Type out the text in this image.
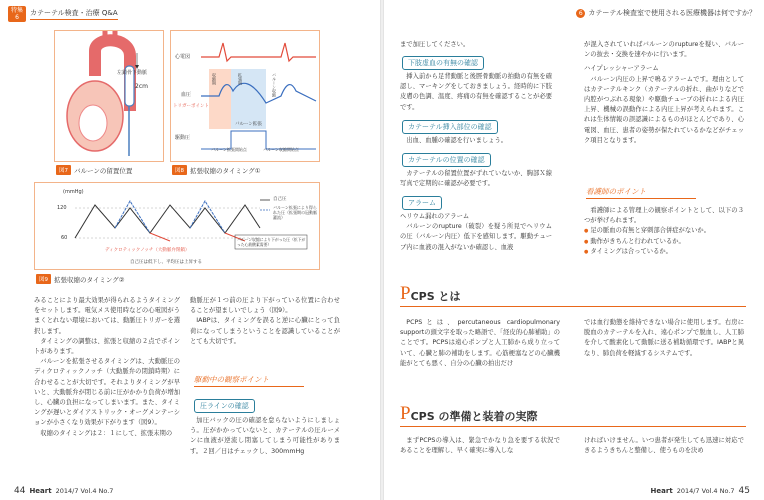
特集
6
カテーテル検査・治療 Q&A
左鎖骨下動脈
2cm
図7 バルーンの留置位置
心電図
血圧
トリガーポイント
駆動圧
バルーン拡張
バルーン拡張開始点	バルーン収縮開始点
収縮期	拡張期	バルーン収縮
図8 拡張収縮のタイミング①
(mmHg)
120
60
自己圧
バルーン拡張により得られた圧（拡張期の冠動脈灌流）
ディクロティックノッチ（大動脈弁閉鎖）
バルーン収縮により下がった圧（拡下がった心筋酸素需要）
自己圧は低下し、平均圧は上昇する
図9 拡張収縮のタイミング②

みることにより最大効果が得られるようタイミングをセットします。電気メス使用時などの心電図がうまくとれない環境においては、動脈圧トリガーを選択します。

タイミングの調整は、拡張と収縮の２点でポイントがあります。

バルーンを拡張させるタイミングは、大動脈圧のディクロティックノッチ（大動脈弁の閉鎖時期）に合わせることが大切です。それよりタイミングが早いと、大動脈弁が閉じる前に圧がかかり負荷が増加し、心臓の負担になってしまいます。また、タイミングが遅いとダイアストリック・オーグメンテーションが小さくなり効果が下がります（図9）。

収縮のタイミングは２：１にして、拡張末期の

動脈圧が１つ前の圧より下がっている位置に合わせることが望ましいでしょう（図9）。

IABPは、タイミングを誤ると逆に心臓にとって負荷になってしまうということを認識していることがとても大切です。

駆動中の観察ポイント
圧ラインの確認

加圧バックの圧の確認を怠らないようにしましょう。圧がかかっていないと、カテーテルの圧ルーメンに血液が逆流し閉塞してしまう可能性があります。２回／日はチェックし、300mmHg

44 Heart 2014/7 Vol.4 No.7
6 カテーテル検査室で使用される医療機器は何ですか？

まで加圧してください。

下肢虚血の有無の確認

挿入前から足背動脈と後脛骨動脈の拍動の有無を確認し、マーキングをしておきましょう。経時的に下肢皮膚の色調、温度、疼痛の有無を確認することが必要です。

カテーテル挿入部位の確認

出血、血腫の確認を行いましょう。

カテーテルの位置の確認

カテーテルの留置位置がずれていないか、胸部Ｘ線写真で定期的に確認が必要です。

アラーム

ヘリウム漏れのアラーム

バルーンのrupture（破裂）を疑う所見でヘリウムの圧（バルーン内圧）低下を感知します。駆動チューブ内に血液の混入がないか確認し、血液

が混入されていればバルーンのruptureを疑い、バルーンの抜去・交換を速やかに行います。

ハイプレッシャーアラーム

バルーン内圧の上昇で鳴るアラームです。理由としてはカテーテルキンク（カテーテルの折れ、曲がりなどで内腔がつぶれる現象）や駆動チューブの折れによる内圧上昇、機械の誤動作による内圧上昇が考えられます。これは生体情報の誤認識によるものがほとんどであり、心電図、血圧、患者の姿勢が保たれているかなどがチェック項目となります。

看護師のポイント

看護師による管理上の観察ポイントとして、以下の３つが挙げられます。

● 足の脈血の有無と穿刺部合併症がないか。
● 動作がきちんと行われているか。
● タイミングは合っているか。
P CPS とは

PCPSとは、percutaneous cardiopulmonary supportの頭文字を取った略語で、「経皮的心肺補助」のことです。PCPSは遠心ポンプと人工肺から成り立っていて、心臓と肺の補助をします。心筋梗塞などの心臓機能がとても悪く、自分の心臓の拍出だけ

では血行動態を維持できない場合に使用します。右房に脱血のカテーテルを入れ、遠心ポンプで脱血し、人工肺を介して酸素化して動脈に送る補助循環です。IABPと異なり、肺負荷を軽減するシステムです。

P CPS の準備と装着の実際

まずPCPSの導入は、緊急でかなり急を要する状況であることを理解し、早く確実に導入しな

ければいけません。いつ患者が発生しても迅速に対応できるようきちんと整備し、使うものを決め

Heart 2014/7 Vol.4 No.7 45
